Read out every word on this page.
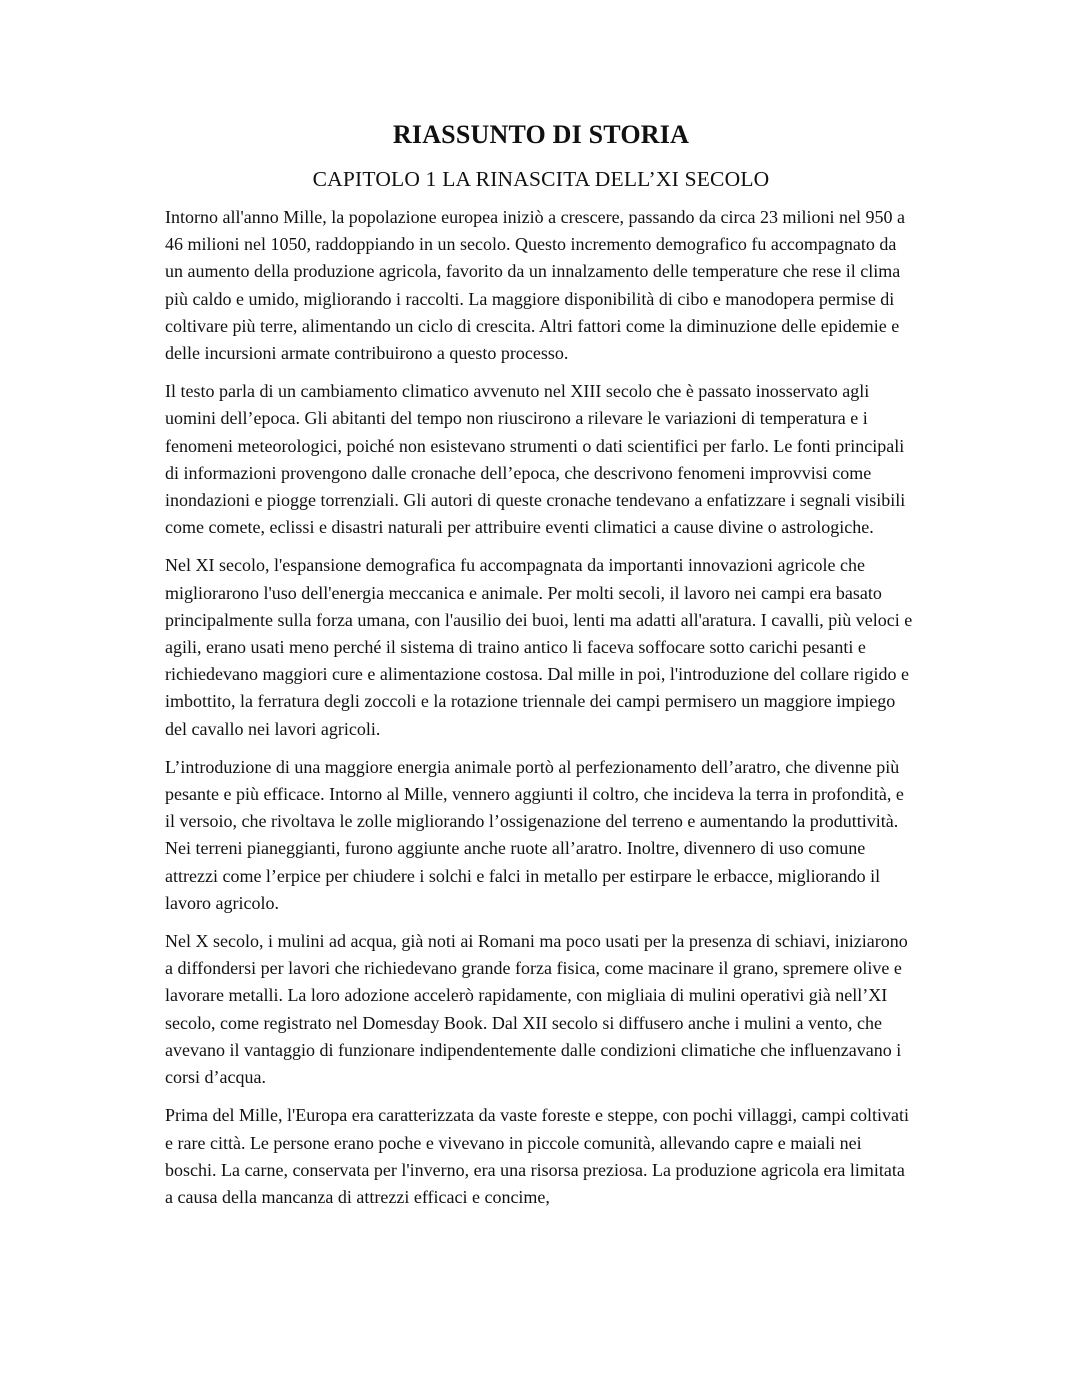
RIASSUNTO DI STORIA
CAPITOLO 1 LA RINASCITA DELL’XI SECOLO

Intorno all'anno Mille, la popolazione europea iniziò a crescere, passando da circa 23 milioni nel 950 a 46 milioni nel 1050, raddoppiando in un secolo. Questo incremento demografico fu accompagnato da un aumento della produzione agricola, favorito da un innalzamento delle temperature che rese il clima più caldo e umido, migliorando i raccolti. La maggiore disponibilità di cibo e manodopera permise di coltivare più terre, alimentando un ciclo di crescita. Altri fattori come la diminuzione delle epidemie e delle incursioni armate contribuirono a questo processo.

Il testo parla di un cambiamento climatico avvenuto nel XIII secolo che è passato inosservato agli uomini dell’epoca. Gli abitanti del tempo non riuscirono a rilevare le variazioni di temperatura e i fenomeni meteorologici, poiché non esistevano strumenti o dati scientifici per farlo. Le fonti principali di informazioni provengono dalle cronache dell’epoca, che descrivono fenomeni improvvisi come inondazioni e piogge torrenziali. Gli autori di queste cronache tendevano a enfatizzare i segnali visibili come comete, eclissi e disastri naturali per attribuire eventi climatici a cause divine o astrologiche.

Nel XI secolo, l'espansione demografica fu accompagnata da importanti innovazioni agricole che migliorarono l'uso dell'energia meccanica e animale. Per molti secoli, il lavoro nei campi era basato principalmente sulla forza umana, con l'ausilio dei buoi, lenti ma adatti all'aratura. I cavalli, più veloci e agili, erano usati meno perché il sistema di traino antico li faceva soffocare sotto carichi pesanti e richiedevano maggiori cure e alimentazione costosa. Dal mille in poi, l'introduzione del collare rigido e imbottito, la ferratura degli zoccoli e la rotazione triennale dei campi permisero un maggiore impiego del cavallo nei lavori agricoli.

L’introduzione di una maggiore energia animale portò al perfezionamento dell’aratro, che divenne più pesante e più efficace. Intorno al Mille, vennero aggiunti il coltro, che incideva la terra in profondità, e il versoio, che rivoltava le zolle migliorando l’ossigenazione del terreno e aumentando la produttività. Nei terreni pianeggianti, furono aggiunte anche ruote all’aratro. Inoltre, divennero di uso comune attrezzi come l’erpice per chiudere i solchi e falci in metallo per estirpare le erbacce, migliorando il lavoro agricolo.

Nel X secolo, i mulini ad acqua, già noti ai Romani ma poco usati per la presenza di schiavi, iniziarono a diffondersi per lavori che richiedevano grande forza fisica, come macinare il grano, spremere olive e lavorare metalli. La loro adozione accelerò rapidamente, con migliaia di mulini operativi già nell’XI secolo, come registrato nel Domesday Book. Dal XII secolo si diffusero anche i mulini a vento, che avevano il vantaggio di funzionare indipendentemente dalle condizioni climatiche che influenzavano i corsi d’acqua.

Prima del Mille, l'Europa era caratterizzata da vaste foreste e steppe, con pochi villaggi, campi coltivati e rare città. Le persone erano poche e vivevano in piccole comunità, allevando capre e maiali nei boschi. La carne, conservata per l'inverno, era una risorsa preziosa. La produzione agricola era limitata a causa della mancanza di attrezzi efficaci e concime,
